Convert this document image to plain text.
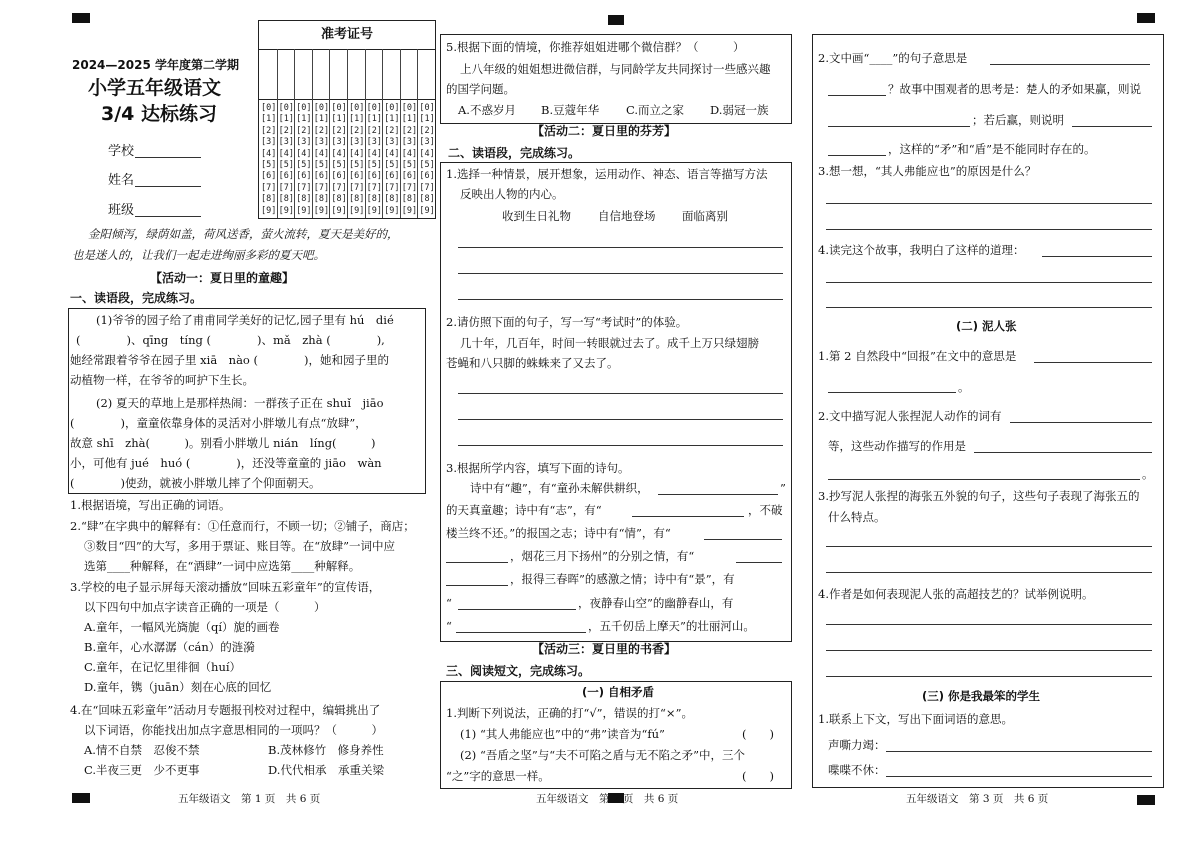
2024—2025 学年度第二学期
小学五年级语文
3/4 达标练习
学校
姓名
班级
准考证号
[0] [0] [0] [0] [0] [0] [0] [0] [0] [0]
[1] [1] [1] [1] [1] [1] [1] [1] [1] [1]
[2] [2] [2] [2] [2] [2] [2] [2] [2] [2]
[3] [3] [3] [3] [3] [3] [3] [3] [3] [3]
[4] [4] [4] [4] [4] [4] [4] [4] [4] [4]
[5] [5] [5] [5] [5] [5] [5] [5] [5] [5]
[6] [6] [6] [6] [6] [6] [6] [6] [6] [6]
[7] [7] [7] [7] [7] [7] [7] [7] [7] [7]
[8] [8] [8] [8] [8] [8] [8] [8] [8] [8]
[9] [9] [9] [9] [9] [9] [9] [9] [9] [9]
金阳倾泻，绿荫如盖，荷风送香，萤火流转，夏天是美好的，
也是迷人的，让我们一起走进绚丽多彩的夏天吧。
【活动一：夏日里的童趣】
一、读语段，完成练习。
(1)爷爷的园子给了甫甫同学美好的记忆,园子里有 hú　dié
(　　　　)、qīng　tíng (　　　　)、mǎ　zhà (　　　　),
她经常跟着爷爷在园子里 xiā　nào (　　　　)，她和园子里的
动植物一样，在爷爷的呵护下生长。
(2) 夏天的草地上是那样热闹：一群孩子正在 shuǐ　jiāo
(　　　　)，童童依靠身体的灵活对小胖墩儿有点“放肆”，
故意 shī　zhà(　　　)。别看小胖墩儿 nián　líng(　　　)
小，可他有 jué　huó (　　　　)，还没等童童的 jiāo　wàn
(　　　　)使劲，就被小胖墩儿摔了个仰面朝天。
1.根据语境，写出正确的词语。
2.“肆”在字典中的解释有：①任意而行，不顾一切；②铺子，商店；
③数目“四”的大写，多用于票证、账目等。在“放肆”一词中应
选第____种解释，在“酒肆”一词中应选第____种解释。
3.学校的电子显示屏每天滚动播放“回味五彩童年”的宣传语，
以下四句中加点字读音正确的一项是（　　　）
A.童年，一幅风光旖旎（qí）旎的画卷
B.童年，心水潺潺（cán）的涟漪
C.童年，在记忆里徘徊（huí）
D.童年，镌（juān）刻在心底的回忆
4.在“回味五彩童年”活动月专题报刊校对过程中，编辑挑出了
以下词语，你能找出加点字意思相同的一项吗？（　　　）
A.情不自禁　忍俊不禁	B.茂林修竹　修身养性
C.半夜三更　少不更事	D.代代相承　承重关梁
五年级语文　第 1 页　共 6 页
5.根据下面的情境，你推荐姐姐进哪个微信群？（　　　）
上八年级的姐姐想进微信群，与同龄学友共同探讨一些感兴趣
的国学问题。
A.不惑岁月 B.豆蔻年华 C.而立之家 D.弱冠一族
【活动二：夏日里的芬芳】
二、读语段，完成练习。
1.选择一种情景，展开想象，运用动作、神态、语言等描写方法
反映出人物的内心。
收到生日礼物 自信地登场 面临离别
2.请仿照下面的句子，写一写“考试时”的体验。
几十年，几百年，时间一转眼就过去了。成千上万只绿翅膀
苍蝇和八只脚的蛛蛛来了又去了。
3.根据所学内容，填写下面的诗句。
诗中有“趣”，有“童孙未解供耕织，	”
的天真童趣；诗中有“志”，有“	，不破
楼兰终不还。”的报国之志；诗中有“情”，有“
，烟花三月下扬州”的分别之情，有“
，报得三春晖”的感激之情；诗中有“景”，有
“	，夜静春山空”的幽静春山，有
“	，五千仞岳上摩天”的壮丽河山。
【活动三：夏日里的书香】
三、阅读短文，完成练习。
(一) 自相矛盾
1.判断下列说法，正确的打“√”，错误的打“×”。
(1) “其人弗能应也”中的“弗”读音为“fú”	(　　)
(2) “吾盾之坚”与“夫不可陷之盾与无不陷之矛”中，三个
“之”字的意思一样。	(　　)
五年级语文　第 2 页　共 6 页
2.文中画“____”的句子意思是
？故事中围观者的思考是：楚人的矛如果赢，则说
；若后赢，则说明
，这样的“矛”和“盾”是不能同时存在的。
3.想一想，“其人弗能应也”的原因是什么？
4.读完这个故事，我明白了这样的道理：
(二) 泥人张
1.第 2 自然段中“回报”在文中的意思是
。
2.文中描写泥人张捏泥人动作的词有
等，这些动作描写的作用是
。
3.抄写泥人张捏的海张五外貌的句子，这些句子表现了海张五的
什么特点。
4.作者是如何表现泥人张的高超技艺的？试举例说明。
(三) 你是我最笨的学生
1.联系上下文，写出下面词语的意思。
声嘶力竭：
喋喋不休：
五年级语文　第 3 页　共 6 页
